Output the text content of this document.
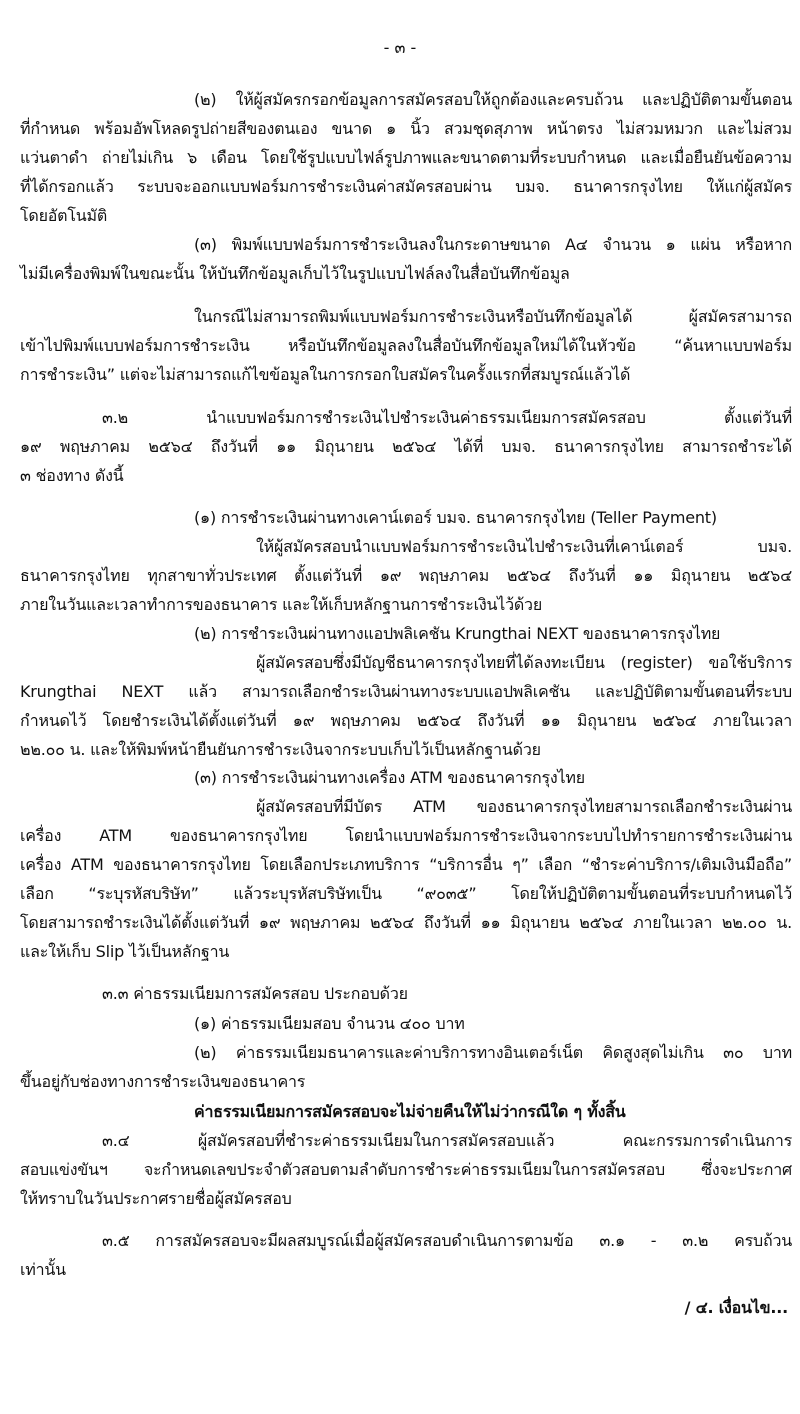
- ๓ -
(๒) ให้ผู้สมัครกรอกข้อมูลการสมัครสอบให้ถูกต้องและครบถ้วน และปฏิบัติตามขั้นตอน
ที่กำหนด พร้อมอัพโหลดรูปถ่ายสีของตนเอง ขนาด ๑ นิ้ว สวมชุดสุภาพ หน้าตรง ไม่สวมหมวก และไม่สวม
แว่นตาดำ ถ่ายไม่เกิน ๖ เดือน โดยใช้รูปแบบไฟล์รูปภาพและขนาดตามที่ระบบกำหนด และเมื่อยืนยันข้อความ
ที่ได้กรอกแล้ว ระบบจะออกแบบฟอร์มการชำระเงินค่าสมัครสอบผ่าน บมจ. ธนาคารกรุงไทย ให้แก่ผู้สมัคร
โดยอัตโนมัติ
(๓) พิมพ์แบบฟอร์มการชำระเงินลงในกระดาษขนาด A๔ จำนวน ๑ แผ่น หรือหาก
ไม่มีเครื่องพิมพ์ในขณะนั้น ให้บันทึกข้อมูลเก็บไว้ในรูปแบบไฟล์ลงในสื่อบันทึกข้อมูล
ในกรณีไม่สามารถพิมพ์แบบฟอร์มการชำระเงินหรือบันทึกข้อมูลได้ ผู้สมัครสามารถ
เข้าไปพิมพ์แบบฟอร์มการชำระเงิน หรือบันทึกข้อมูลลงในสื่อบันทึกข้อมูลใหม่ได้ในหัวข้อ “ค้นหาแบบฟอร์ม
การชำระเงิน” แต่จะไม่สามารถแก้ไขข้อมูลในการกรอกใบสมัครในครั้งแรกที่สมบูรณ์แล้วได้
๓.๒ นำแบบฟอร์มการชำระเงินไปชำระเงินค่าธรรมเนียมการสมัครสอบ ตั้งแต่วันที่
๑๙ พฤษภาคม ๒๕๖๔ ถึงวันที่ ๑๑ มิถุนายน ๒๕๖๔ ได้ที่ บมจ. ธนาคารกรุงไทย สามารถชำระได้
๓ ช่องทาง ดังนี้
(๑) การชำระเงินผ่านทางเคาน์เตอร์ บมจ. ธนาคารกรุงไทย (Teller Payment)
ให้ผู้สมัครสอบนำแบบฟอร์มการชำระเงินไปชำระเงินที่เคาน์เตอร์ บมจ.
ธนาคารกรุงไทย ทุกสาขาทั่วประเทศ ตั้งแต่วันที่ ๑๙ พฤษภาคม ๒๕๖๔ ถึงวันที่ ๑๑ มิถุนายน ๒๕๖๔
ภายในวันและเวลาทำการของธนาคาร และให้เก็บหลักฐานการชำระเงินไว้ด้วย
(๒) การชำระเงินผ่านทางแอปพลิเคชัน Krungthai NEXT ของธนาคารกรุงไทย
ผู้สมัครสอบซึ่งมีบัญชีธนาคารกรุงไทยที่ได้ลงทะเบียน (register) ขอใช้บริการ
Krungthai NEXT แล้ว สามารถเลือกชำระเงินผ่านทางระบบแอปพลิเคชัน และปฏิบัติตามขั้นตอนที่ระบบ
กำหนดไว้ โดยชำระเงินได้ตั้งแต่วันที่ ๑๙ พฤษภาคม ๒๕๖๔ ถึงวันที่ ๑๑ มิถุนายน ๒๕๖๔ ภายในเวลา
๒๒.๐๐ น. และให้พิมพ์หน้ายืนยันการชำระเงินจากระบบเก็บไว้เป็นหลักฐานด้วย
(๓) การชำระเงินผ่านทางเครื่อง ATM ของธนาคารกรุงไทย
ผู้สมัครสอบที่มีบัตร ATM ของธนาคารกรุงไทยสามารถเลือกชำระเงินผ่าน
เครื่อง ATM ของธนาคารกรุงไทย โดยนำแบบฟอร์มการชำระเงินจากระบบไปทำรายการชำระเงินผ่าน
เครื่อง ATM ของธนาคารกรุงไทย โดยเลือกประเภทบริการ “บริการอื่น ๆ” เลือก “ชำระค่าบริการ/เติมเงินมือถือ”
เลือก “ระบุรหัสบริษัท” แล้วระบุรหัสบริษัทเป็น “๙๐๓๕” โดยให้ปฏิบัติตามขั้นตอนที่ระบบกำหนดไว้
โดยสามารถชำระเงินได้ตั้งแต่วันที่ ๑๙ พฤษภาคม ๒๕๖๔ ถึงวันที่ ๑๑ มิถุนายน ๒๕๖๔ ภายในเวลา ๒๒.๐๐ น.
และให้เก็บ Slip ไว้เป็นหลักฐาน
๓.๓ ค่าธรรมเนียมการสมัครสอบ ประกอบด้วย
(๑) ค่าธรรมเนียมสอบ จำนวน ๔๐๐ บาท
(๒) ค่าธรรมเนียมธนาคารและค่าบริการทางอินเตอร์เน็ต คิดสูงสุดไม่เกิน ๓๐ บาท
ขึ้นอยู่กับช่องทางการชำระเงินของธนาคาร
ค่าธรรมเนียมการสมัครสอบจะไม่จ่ายคืนให้ไม่ว่ากรณีใด ๆ ทั้งสิ้น
๓.๔ ผู้สมัครสอบที่ชำระค่าธรรมเนียมในการสมัครสอบแล้ว คณะกรรมการดำเนินการ
สอบแข่งขันฯ จะกำหนดเลขประจำตัวสอบตามลำดับการชำระค่าธรรมเนียมในการสมัครสอบ ซึ่งจะประกาศ
ให้ทราบในวันประกาศรายชื่อผู้สมัครสอบ
๓.๕ การสมัครสอบจะมีผลสมบูรณ์เมื่อผู้สมัครสอบดำเนินการตามข้อ ๓.๑ - ๓.๒ ครบถ้วน
เท่านั้น
/ ๔. เงื่อนไข...
